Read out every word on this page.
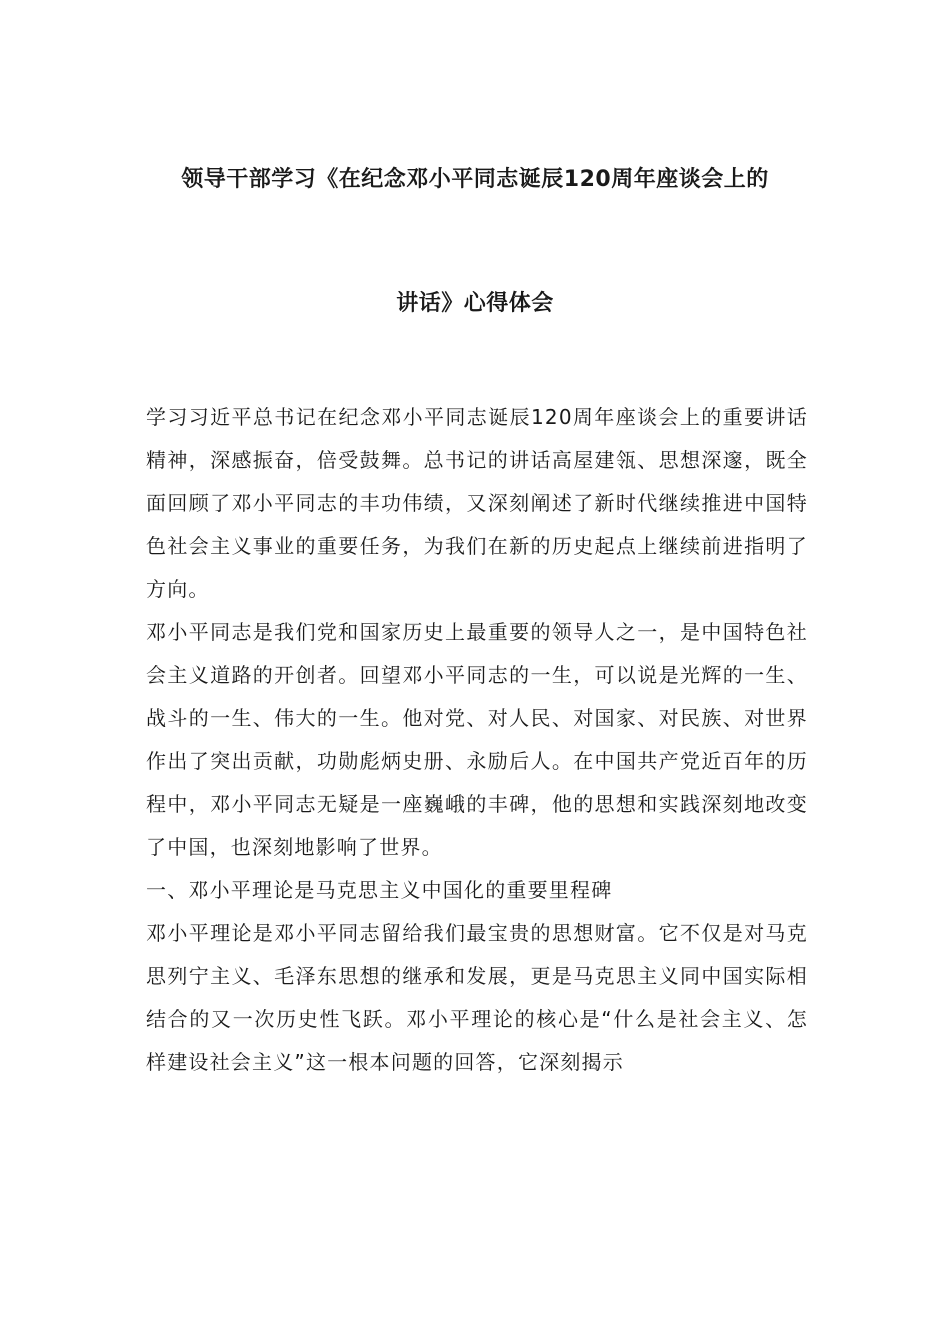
领导干部学习《在纪念邓小平同志诞辰120周年座谈会上的
讲话》心得体会

学习习近平总书记在纪念邓小平同志诞辰120周年座谈会上的重要讲话精神，深感振奋，倍受鼓舞。总书记的讲话高屋建瓴、思想深邃，既全面回顾了邓小平同志的丰功伟绩，又深刻阐述了新时代继续推进中国特色社会主义事业的重要任务，为我们在新的历史起点上继续前进指明了方向。

邓小平同志是我们党和国家历史上最重要的领导人之一，是中国特色社会主义道路的开创者。回望邓小平同志的一生，可以说是光辉的一生、战斗的一生、伟大的一生。他对党、对人民、对国家、对民族、对世界作出了突出贡献，功勋彪炳史册、永励后人。在中国共产党近百年的历程中，邓小平同志无疑是一座巍峨的丰碑，他的思想和实践深刻地改变了中国，也深刻地影响了世界。

一、邓小平理论是马克思主义中国化的重要里程碑

邓小平理论是邓小平同志留给我们最宝贵的思想财富。它不仅是对马克思列宁主义、毛泽东思想的继承和发展，更是马克思主义同中国实际相结合的又一次历史性飞跃。邓小平理论的核心是“什么是社会主义、怎样建设社会主义”这一根本问题的回答，它深刻揭示
